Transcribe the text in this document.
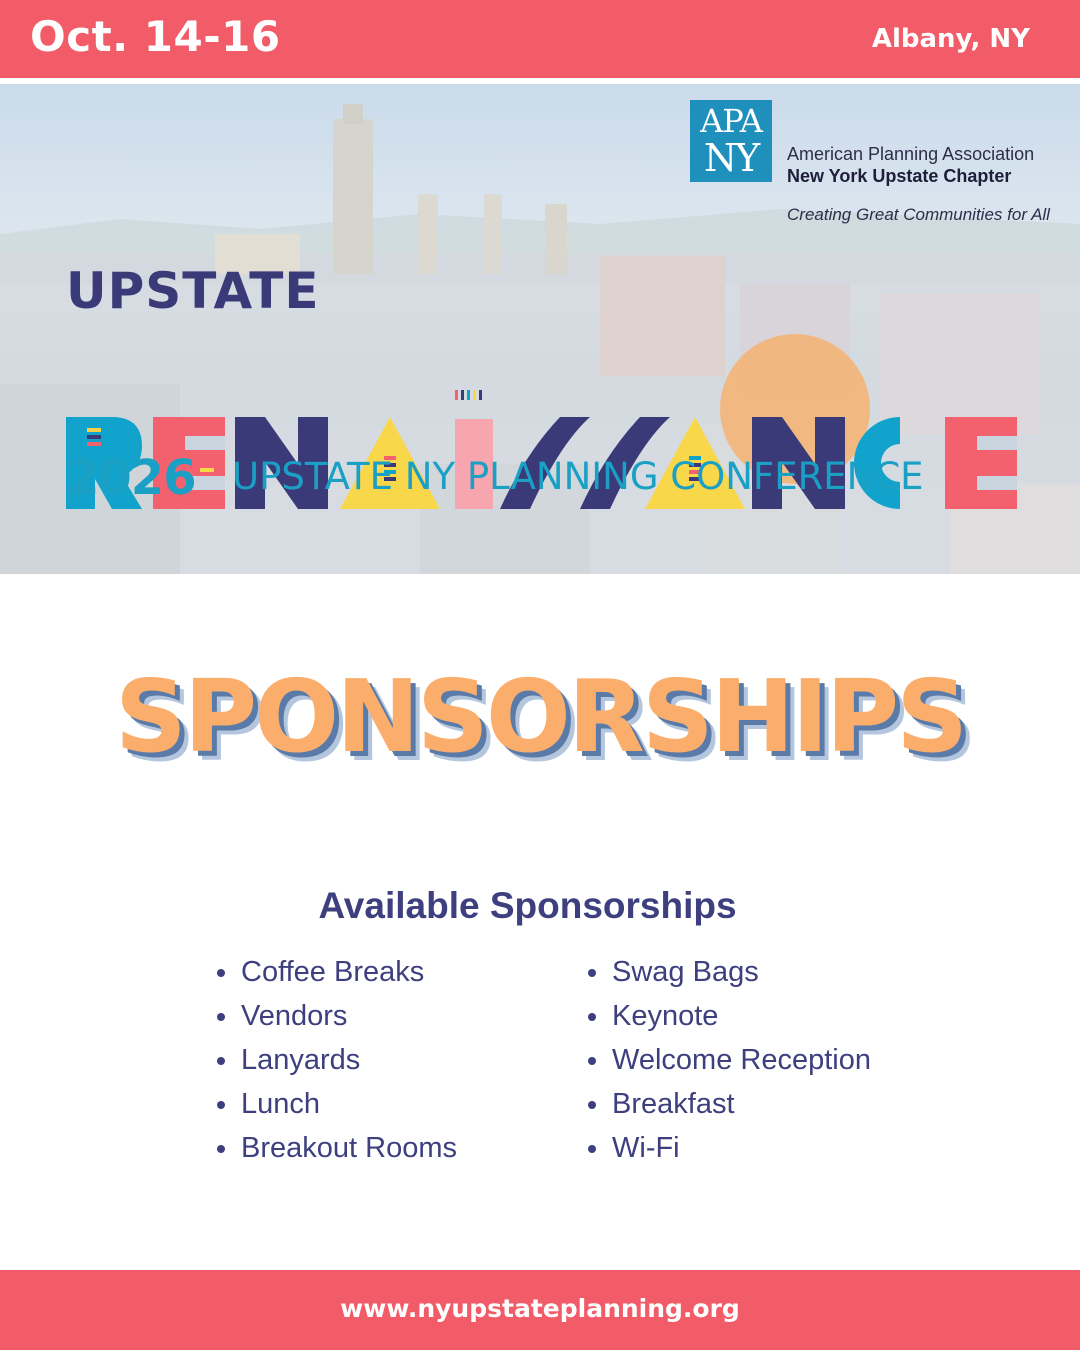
Oct. 14-16	Albany, NY
APA
NY	American Planning Association
New York Upstate Chapter
Creating Great Communities for All
UPSTATE
2026 UPSTATE NY PLANNING CONFERENCE
SPONSORSHIPS
Available Sponsorships
Coffee Breaks
Vendors
Lanyards
Lunch
Breakout Rooms
Swag Bags
Keynote
Welcome Reception
Breakfast
Wi-Fi
www.nyupstateplanning.org
